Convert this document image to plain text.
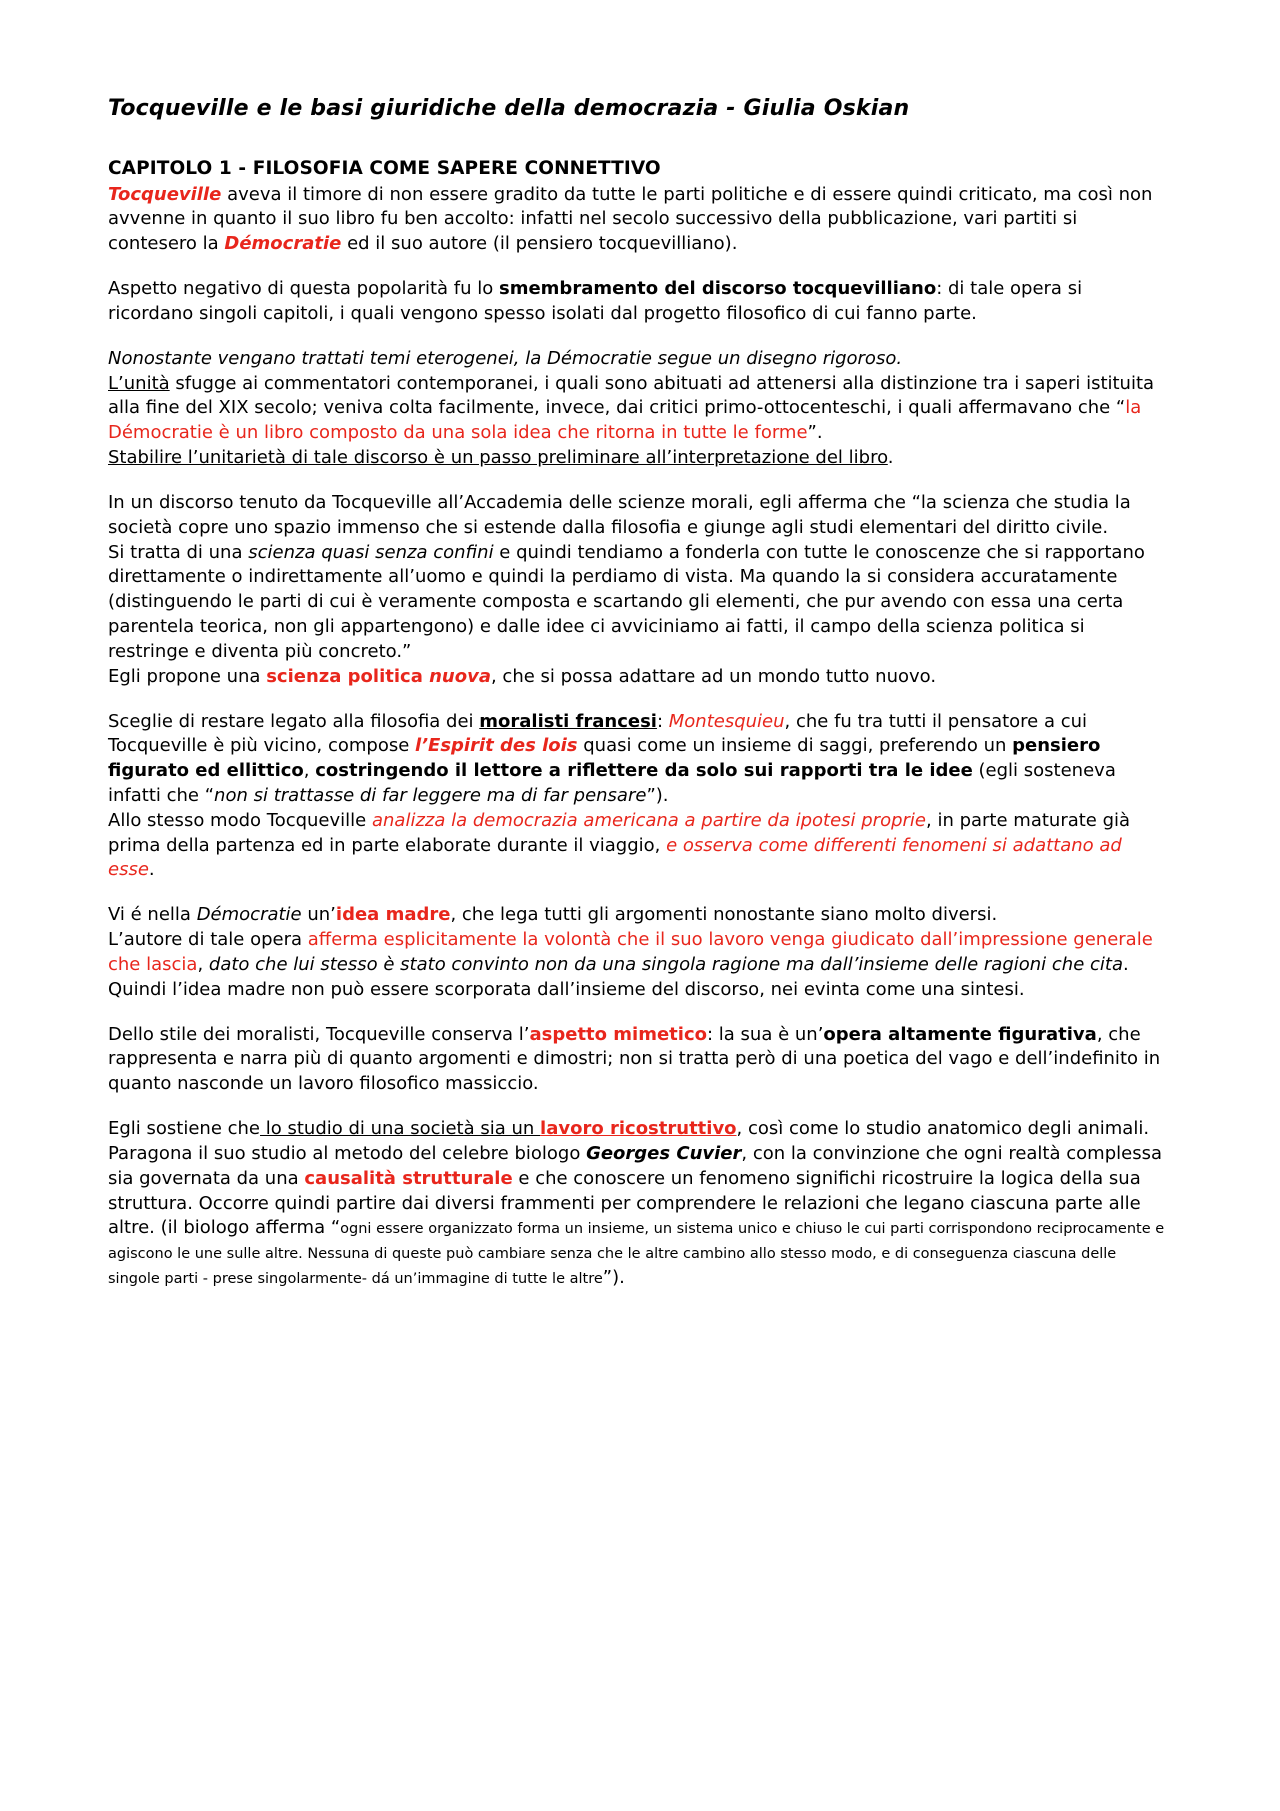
Tocqueville e le basi giuridiche della democrazia - Giulia Oskian
CAPITOLO 1 - FILOSOFIA COME SAPERE CONNETTIVO

Tocqueville aveva il timore di non essere gradito da tutte le parti politiche e di essere quindi criticato, ma così non avvenne in quanto il suo libro fu ben accolto: infatti nel secolo successivo della pubblicazione, vari partiti si contesero la Démocratie ed il suo autore (il pensiero tocquevilliano).

Aspetto negativo di questa popolarità fu lo smembramento del discorso tocquevilliano: di tale opera si ricordano singoli capitoli, i quali vengono spesso isolati dal progetto filosofico di cui fanno parte.

Nonostante vengano trattati temi eterogenei, la Démocratie segue un disegno rigoroso.
L’unità sfugge ai commentatori contemporanei, i quali sono abituati ad attenersi alla distinzione tra i saperi istituita alla fine del XIX secolo; veniva colta facilmente, invece, dai critici primo-ottocenteschi, i quali affermavano che “la Démocratie è un libro composto da una sola idea che ritorna in tutte le forme”.
Stabilire l’unitarietà di tale discorso è un passo preliminare all’interpretazione del libro.

In un discorso tenuto da Tocqueville all’Accademia delle scienze morali, egli afferma che “la scienza che studia la società copre uno spazio immenso che si estende dalla filosofia e giunge agli studi elementari del diritto civile.
Si tratta di una scienza quasi senza confini e quindi tendiamo a fonderla con tutte le conoscenze che si rapportano direttamente o indirettamente all’uomo e quindi la perdiamo di vista. Ma quando la si considera accuratamente (distinguendo le parti di cui è veramente composta e scartando gli elementi, che pur avendo con essa una certa parentela teorica, non gli appartengono) e dalle idee ci avviciniamo ai fatti, il campo della scienza politica si restringe e diventa più concreto.”
Egli propone una scienza politica nuova, che si possa adattare ad un mondo tutto nuovo.

Sceglie di restare legato alla filosofia dei moralisti francesi: Montesquieu, che fu tra tutti il pensatore a cui Tocqueville è più vicino, compose l’Espirit des lois quasi come un insieme di saggi, preferendo un pensiero figurato ed ellittico, costringendo il lettore a riflettere da solo sui rapporti tra le idee (egli sosteneva infatti che “non si trattasse di far leggere ma di far pensare”).
Allo stesso modo Tocqueville analizza la democrazia americana a partire da ipotesi proprie, in parte maturate già prima della partenza ed in parte elaborate durante il viaggio, e osserva come differenti fenomeni si adattano ad esse.

Vi é nella Démocratie un’idea madre, che lega tutti gli argomenti nonostante siano molto diversi.
L’autore di tale opera afferma esplicitamente la volontà che il suo lavoro venga giudicato dall’impressione generale che lascia, dato che lui stesso è stato convinto non da una singola ragione ma dall’insieme delle ragioni che cita.
Quindi l’idea madre non può essere scorporata dall’insieme del discorso, nei evinta come una sintesi.

Dello stile dei moralisti, Tocqueville conserva l’aspetto mimetico: la sua è un’opera altamente figurativa, che rappresenta e narra più di quanto argomenti e dimostri; non si tratta però di una poetica del vago e dell’indefinito in quanto nasconde un lavoro filosofico massiccio.

Egli sostiene che lo studio di una società sia un lavoro ricostruttivo, così come lo studio anatomico degli animali.
Paragona il suo studio al metodo del celebre biologo Georges Cuvier, con la convinzione che ogni realtà complessa sia governata da una causalità strutturale e che conoscere un fenomeno significhi ricostruire la logica della sua struttura. Occorre quindi partire dai diversi frammenti per comprendere le relazioni che legano ciascuna parte alle altre. (il biologo afferma “ogni essere organizzato forma un insieme, un sistema unico e chiuso le cui parti corrispondono reciprocamente e agiscono le une sulle altre. Nessuna di queste può cambiare senza che le altre cambino allo stesso modo, e di conseguenza ciascuna delle singole parti - prese singolarmente- dá un’immagine di tutte le altre”).
